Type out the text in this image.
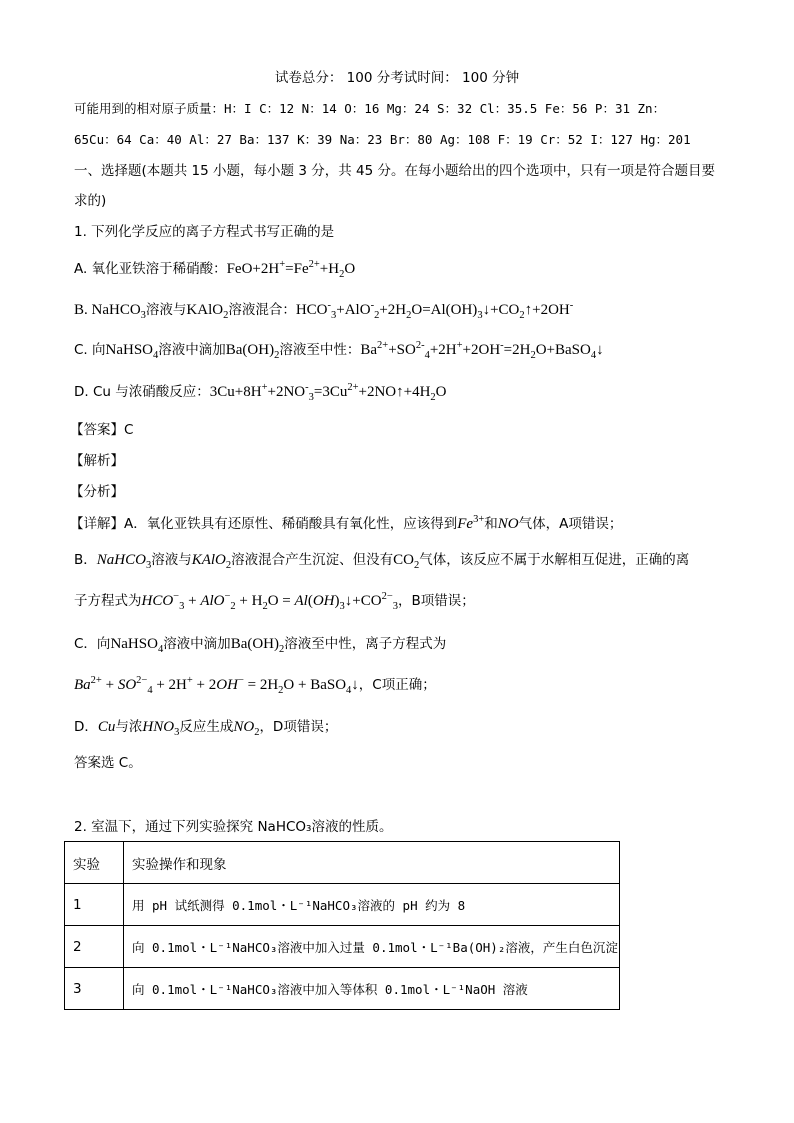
试卷总分： 100 分考试时间： 100 分钟
可能用到的相对原子质量：H：I C：12 N：14 O：16 Mg：24 S：32 Cl：35.5 Fe：56 P：31 Zn：
65Cu：64 Ca：40 Al：27 Ba：137 K：39 Na：23 Br：80 Ag：108 F：19 Cr：52 I：127 Hg：201
一、选择题(本题共 15 小题，每小题 3 分，共 45 分。在每小题给出的四个选项中，只有一项是符合题目要
求的)
1. 下列化学反应的离子方程式书写正确的是
A. 氧化亚铁溶于稀硝酸：$FeO+2H^+=Fe^{2+}+H_2O$
B. NaHCO$_3$溶液与KAlO$_2$溶液混合：$HCO^-_3+AlO^-_2+2H_2O=Al(OH)_3↓+CO_2↑+2OH^-$
C. 向NaHSO$_4$溶液中滴加$Ba(OH)_2$溶液至中性：$Ba^{2+}+SO^{2-}_4+2H^++2OH^-=2H_2O+BaSO_4↓$
D. Cu 与浓硝酸反应：$3Cu+8H^++2NO^-_3=3Cu^{2+}+2NO↑+4H_2O$
【答案】C
【解析】
【分析】
【详解】A．氧化亚铁具有还原性、稀硝酸具有氧化性，应该得到$Fe^{3+}$和NO气体，A项错误；
B．NaHCO$_3$溶液与KAlO$_2$溶液混合产生沉淀、但没有$CO_2$气体，该反应不属于水解相互促进，正确的离
子方程式为$HCO^-_3 + AlO^-_2 + H_2O$ = $Al(OH)_3↓+CO^{2-}_3$，B项错误；
C．向NaHSO$_4$溶液中滴加$Ba(OH)_2$溶液至中性，离子方程式为
$Ba^{2+} + SO^{2-}_4 + 2H^+ + 2OH^- = 2H_2O$ + BaSO$_4$↓，C项正确；
D．Cu与浓$HNO_3$反应生成$NO_2$，D项错误；
答案选 C。
2. 室温下，通过下列实验探究 NaHCO₃溶液的性质。
实验	实验操作和现象
1	用 pH 试纸测得 0.1mol・L⁻¹NaHCO₃溶液的 pH 约为 8
2	向 0.1mol・L⁻¹NaHCO₃溶液中加入过量 0.1mol・L⁻¹Ba(OH)₂溶液，产生白色沉淀
3	向 0.1mol・L⁻¹NaHCO₃溶液中加入等体积 0.1mol・L⁻¹NaOH 溶液
